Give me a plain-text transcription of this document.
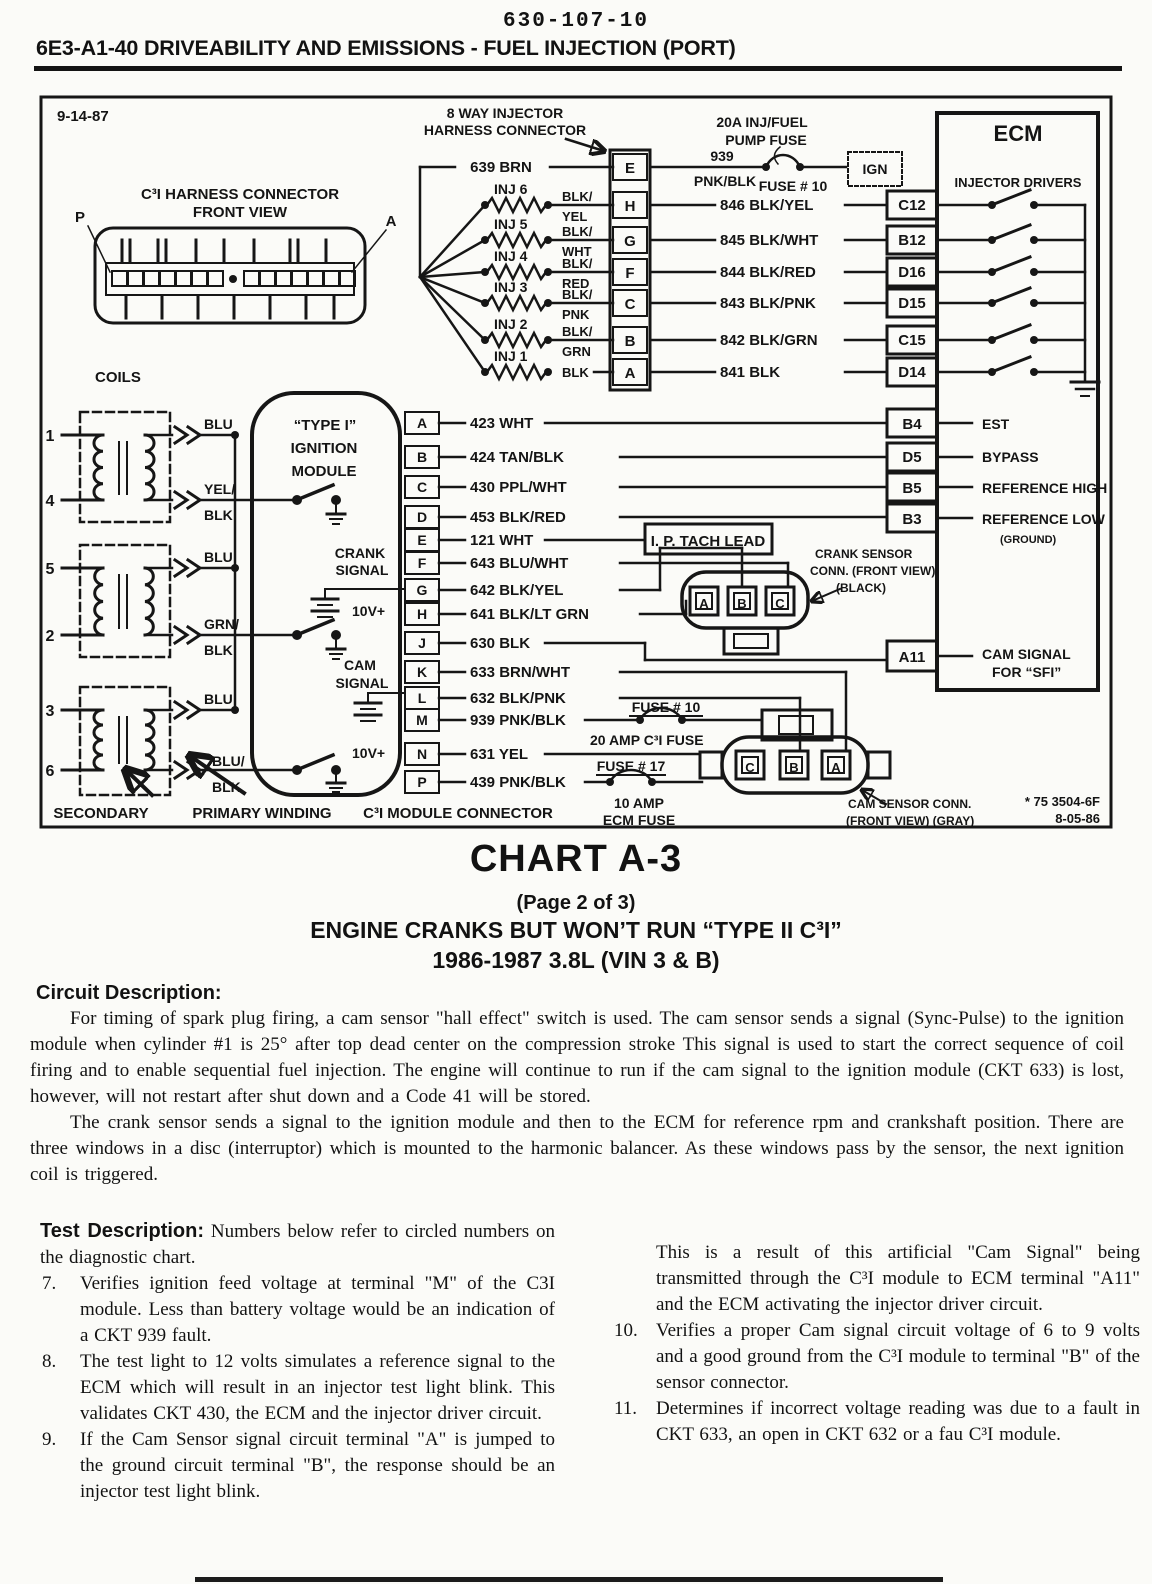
630-107-10
6E3-A1-40 DRIVEABILITY AND EMISSIONS - FUEL INJECTION (PORT)
9-14-87	8 WAY INJECTOR
HARNESS CONNECTOR
C³I HARNESS CONNECTOR
FRONT VIEW
P	A
639 BRN
20A INJ/FUEL
PUMP FUSE
939
PNK/BLK FUSE # 10
IGN
ECM
INJECTOR DRIVERS
INJ 6
INJ 5
INJ 4
INJ 3
INJ 2
INJ 1
BLK/
YEL
BLK/
WHT
BLK/
RED
BLK/
PNK
BLK/
GRN
BLK
E
H
G
F
C
B
A
846 BLK/YEL
845 BLK/WHT
844 BLK/RED
843 BLK/PNK
842 BLK/GRN
841 BLK
C12
B12
D16
D15
C15
D14
COILS
1
4
5
2
3
6
BLU
YEL/
BLK
BLU
GRN/
BLK
BLU
BLU/
BLK
“TYPE I”
IGNITION
MODULE
CRANK
SIGNAL
10V+
CAM
SIGNAL
10V+
A
B
C
D
E
F
G
H
J
K
L
M
N
P
423 WHT
424 TAN/BLK
430 PPL/WHT
453 BLK/RED
121 WHT
643 BLU/WHT
642 BLK/YEL
641 BLK/LT GRN
630 BLK
633 BRN/WHT
632 BLK/PNK
939 PNK/BLK
631 YEL
439 PNK/BLK
I. P. TACH LEAD
CRANK SENSOR
CONN. (FRONT VIEW)
(BLACK)
A B C
B4
D5
B5
B3
EST
BYPASS
REFERENCE HIGH
REFERENCE LOW
(GROUND)
A11	CAM SIGNAL
FOR “SFI”
FUSE # 10
20 AMP C³I FUSE
FUSE # 17
10 AMP
ECM FUSE
C	B	A
CAM SENSOR CONN.
(FRONT VIEW) (GRAY)
SECONDARY	PRIMARY WINDING C³I MODULE CONNECTOR
* 75 3504-6F
8-05-86
CHART A-3
(Page 2 of 3)
ENGINE CRANKS BUT WON’T RUN “TYPE II C³I”
1986-1987 3.8L (VIN 3 & B)
Circuit Description:

For timing of spark plug firing, a cam sensor "hall effect" switch is used. The cam sensor sends a signal (Sync-Pulse) to the ignition module when cylinder #1 is 25° after top dead center on the compression stroke This signal is used to start the correct sequence of coil firing and to enable sequential fuel injection. The engine will continue to run if the cam signal to the ignition module (CKT 633) is lost, however, will not restart after shut down and a Code 41 will be stored.

The crank sensor sends a signal to the ignition module and then to the ECM for reference rpm and crankshaft position. There are three windows in a disc (interruptor) which is mounted to the harmonic balancer. As these windows pass by the sensor, the next ignition coil is triggered.

Test Description: Numbers below refer to circled numbers on the diagnostic chart.

7. Verifies ignition feed voltage at terminal "M" of the C3I module. Less than battery voltage would be an indication of a CKT 939 fault.
8. The test light to 12 volts simulates a reference signal to the ECM which will result in an injector test light blink. This validates CKT 430, the ECM and the injector driver circuit.
9. If the Cam Sensor signal circuit terminal "A" is jumped to the ground circuit terminal "B", the response should be an injector test light blink.
This is a result of this artificial "Cam Signal" being transmitted through the C³I module to ECM terminal "A11" and the ECM activating the injector driver circuit.
10. Verifies a proper Cam signal circuit voltage of 6 to 9 volts and a good ground from the C³I module to terminal "B" of the sensor connector.
11. Determines if incorrect voltage reading was due to a fault in CKT 633, an open in CKT 632 or a fau C³I module.
